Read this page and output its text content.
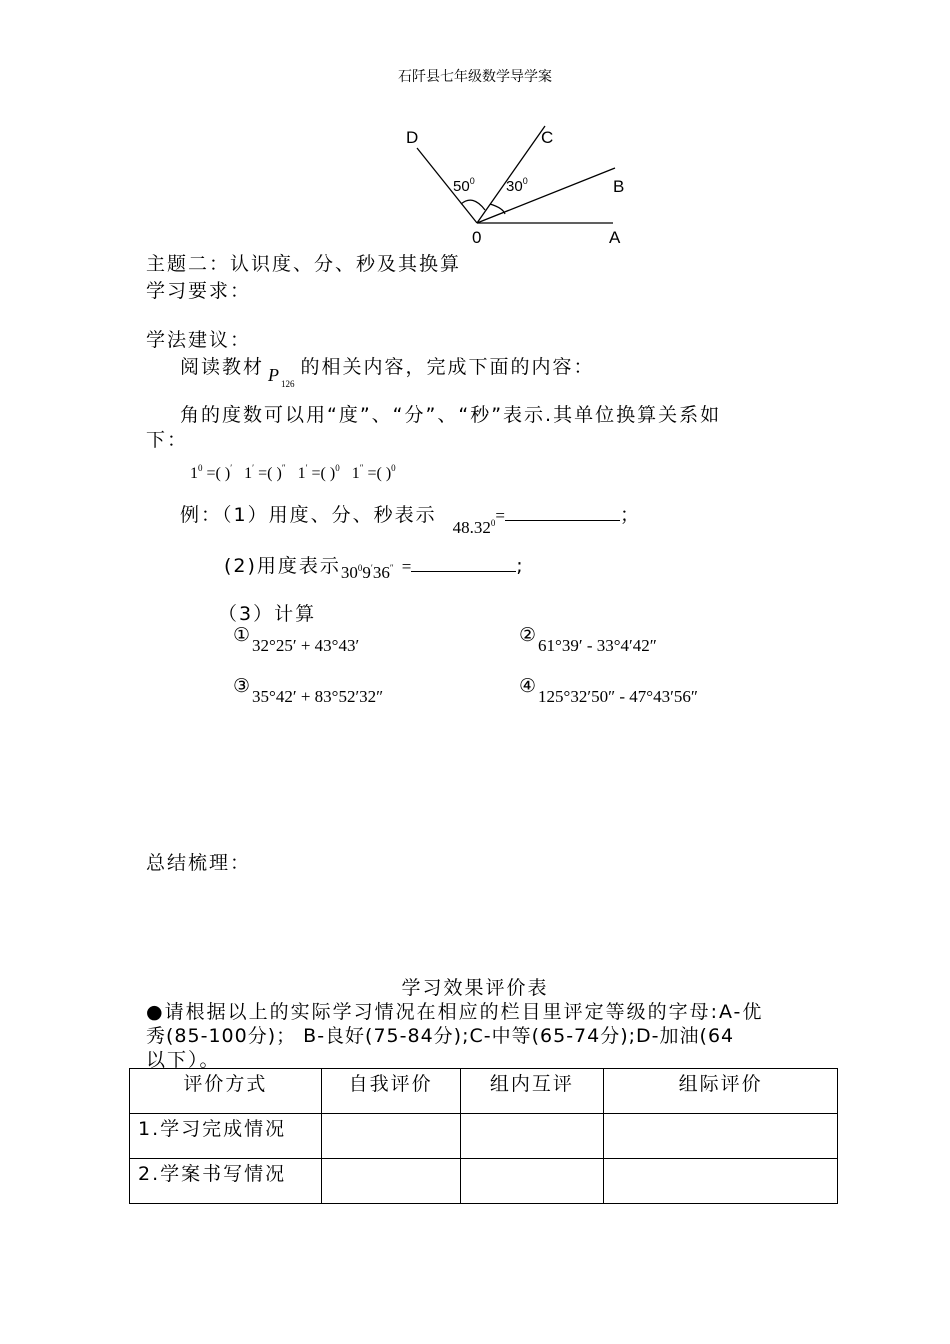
石阡县七年级数学导学案
D	C
B
A
0
$50^0$ $30^0$
主题二：认识度、分、秒及其换算
学习要求：
学法建议：
阅读教材 P $_{126}$的相关内容，完成下面的内容：
角的度数可以用“度”、“分”、“秒”表示.其单位换算关系如
下：
$1^0$ =( )′ 1′ =( )″ 1′ =( )$^0$ 1″ =( )$^0$
例：（1）用度、分、秒表示 $48.32^0=$	；
(2)用度表示$30^09'36''$ =	;
（3）计算
①32°25′ + 43°43′	②61°39′ - 33°4′42″
③35°42′ + 83°52′32″	④125°32′50″ - 47°43′56″
总结梳理：
学习效果评价表
●请根据以上的实际学习情况在相应的栏目里评定等级的字母:A-优
秀(85-100分)； B-良好(75-84分);C-中等(65-74分);D-加油(64
以下）。
评价方式	自我评价	组内互评	组际评价
1.学习完成情况			
2.学案书写情况			
